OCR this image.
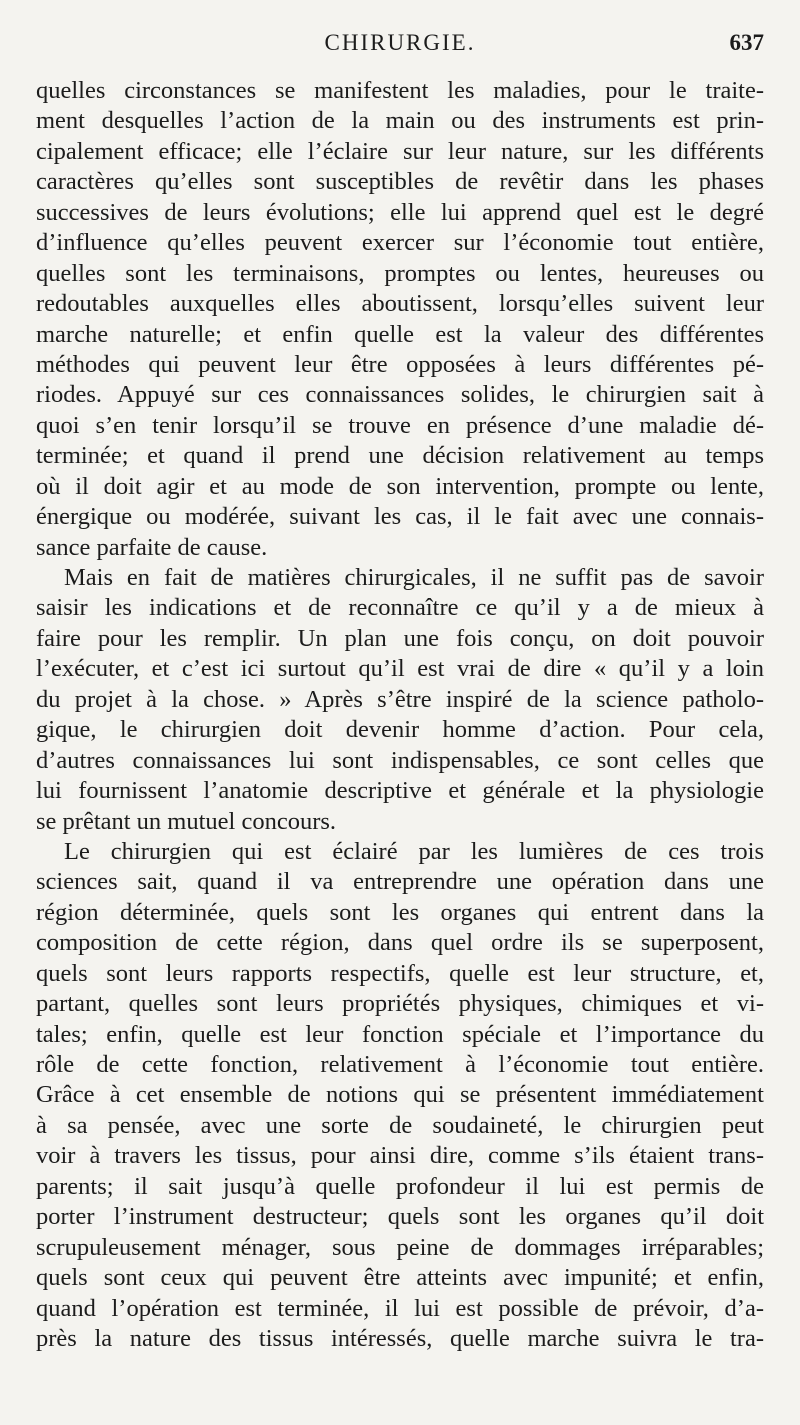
CHIRURGIE.	637
quelles circonstances se manifestent les maladies, pour le traite-
ment desquelles l’action de la main ou des instruments est prin-
cipalement efficace; elle l’éclaire sur leur nature, sur les différents
caractères qu’elles sont susceptibles de revêtir dans les phases
successives de leurs évolutions; elle lui apprend quel est le degré
d’influence qu’elles peuvent exercer sur l’économie tout entière,
quelles sont les terminaisons, promptes ou lentes, heureuses ou
redoutables auxquelles elles aboutissent, lorsqu’elles suivent leur
marche naturelle; et enfin quelle est la valeur des différentes
méthodes qui peuvent leur être opposées à leurs différentes pé-
riodes. Appuyé sur ces connaissances solides, le chirurgien sait à
quoi s’en tenir lorsqu’il se trouve en présence d’une maladie dé-
terminée; et quand il prend une décision relativement au temps
où il doit agir et au mode de son intervention, prompte ou lente,
énergique ou modérée, suivant les cas, il le fait avec une connais-
sance parfaite de cause.
Mais en fait de matières chirurgicales, il ne suffit pas de savoir
saisir les indications et de reconnaître ce qu’il y a de mieux à
faire pour les remplir. Un plan une fois conçu, on doit pouvoir
l’exécuter, et c’est ici surtout qu’il est vrai de dire « qu’il y a loin
du projet à la chose. » Après s’être inspiré de la science patholo-
gique, le chirurgien doit devenir homme d’action. Pour cela,
d’autres connaissances lui sont indispensables, ce sont celles que
lui fournissent l’anatomie descriptive et générale et la physiologie
se prêtant un mutuel concours.
Le chirurgien qui est éclairé par les lumières de ces trois
sciences sait, quand il va entreprendre une opération dans une
région déterminée, quels sont les organes qui entrent dans la
composition de cette région, dans quel ordre ils se superposent,
quels sont leurs rapports respectifs, quelle est leur structure, et,
partant, quelles sont leurs propriétés physiques, chimiques et vi-
tales; enfin, quelle est leur fonction spéciale et l’importance du
rôle de cette fonction, relativement à l’économie tout entière.
Grâce à cet ensemble de notions qui se présentent immédiatement
à sa pensée, avec une sorte de soudaineté, le chirurgien peut
voir à travers les tissus, pour ainsi dire, comme s’ils étaient trans-
parents; il sait jusqu’à quelle profondeur il lui est permis de
porter l’instrument destructeur; quels sont les organes qu’il doit
scrupuleusement ménager, sous peine de dommages irréparables;
quels sont ceux qui peuvent être atteints avec impunité; et enfin,
quand l’opération est terminée, il lui est possible de prévoir, d’a-
près la nature des tissus intéressés, quelle marche suivra le tra-
